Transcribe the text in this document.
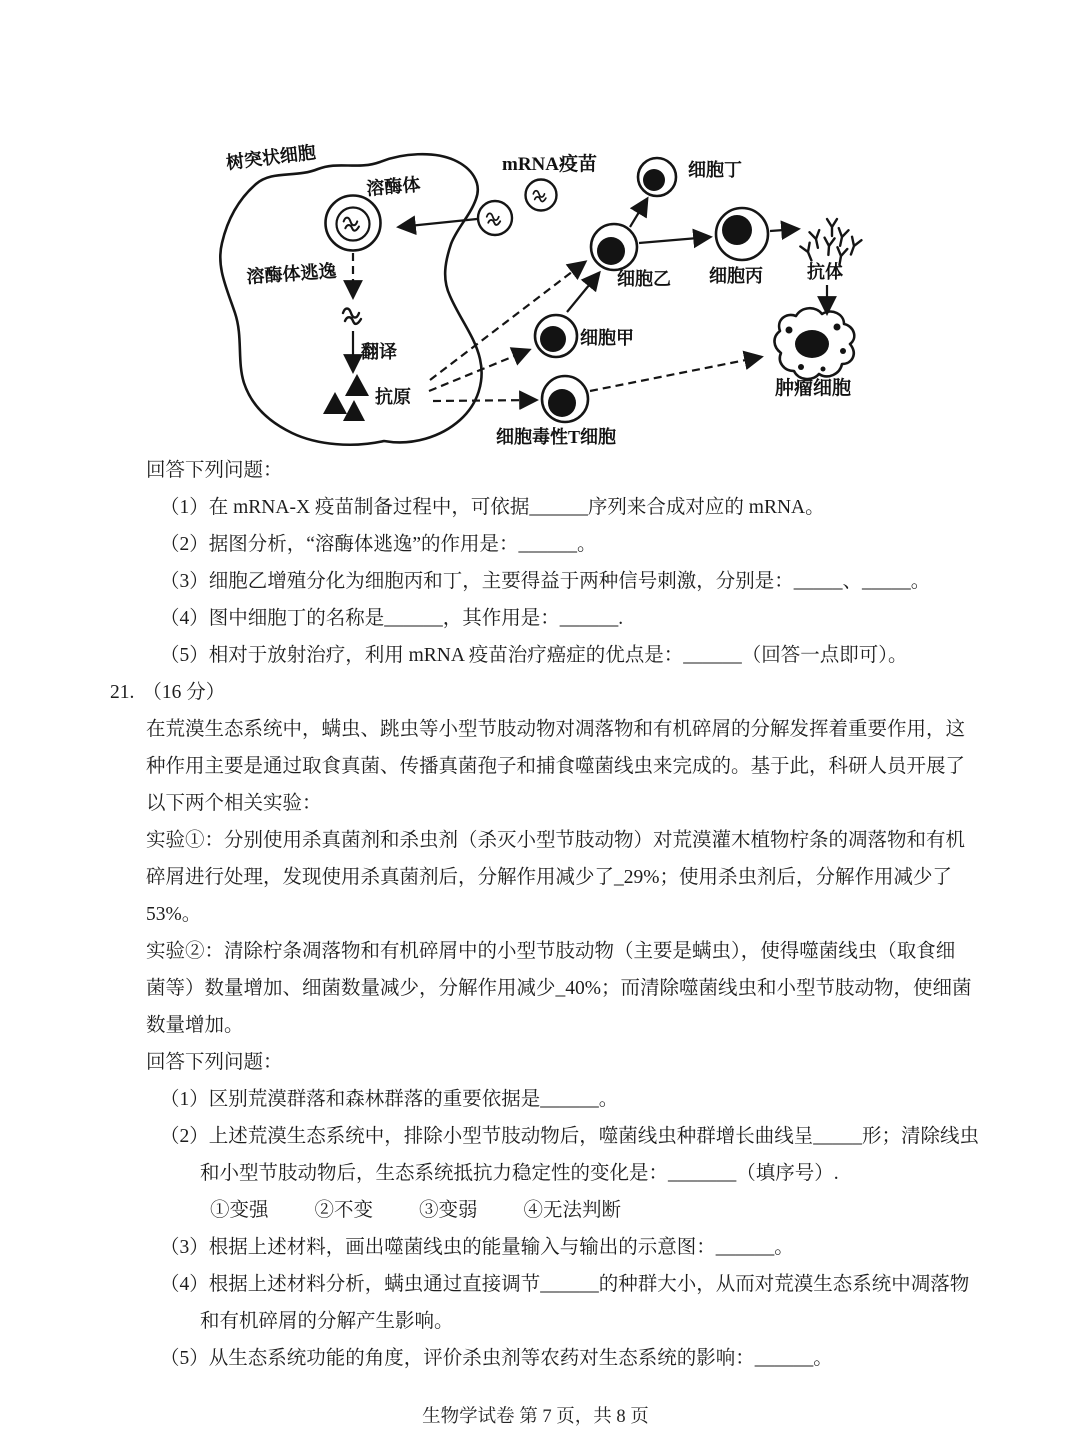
树突状细胞
溶酶体
mRNA疫苗
溶酶体逃逸
翻译
抗原
细胞甲
细胞乙
细胞丁
细胞丙 抗体
肿瘤细胞
细胞毒性T细胞
回答下列问题：
（1）在 mRNA-X 疫苗制备过程中，可依据______序列来合成对应的 mRNA。
（2）据图分析，“溶酶体逃逸”的作用是：______。
（3）细胞乙增殖分化为细胞丙和丁，主要得益于两种信号刺激，分别是：_____、_____。
（4）图中细胞丁的名称是______，其作用是：______.
（5）相对于放射治疗，利用 mRNA 疫苗治疗癌症的优点是：______（回答一点即可）。
21. （16 分）
在荒漠生态系统中，螨虫、跳虫等小型节肢动物对凋落物和有机碎屑的分解发挥着重要作用，这
种作用主要是通过取食真菌、传播真菌孢子和捕食噬菌线虫来完成的。基于此，科研人员开展了
以下两个相关实验：
实验①：分别使用杀真菌剂和杀虫剂（杀灭小型节肢动物）对荒漠灌木植物柠条的凋落物和有机
碎屑进行处理，发现使用杀真菌剂后，分解作用减少了_29%；使用杀虫剂后，分解作用减少了
53%。
实验②：清除柠条凋落物和有机碎屑中的小型节肢动物（主要是螨虫），使得噬菌线虫（取食细
菌等）数量增加、细菌数量减少，分解作用减少_40%；而清除噬菌线虫和小型节肢动物，使细菌
数量增加。
回答下列问题：
（1）区别荒漠群落和森林群落的重要依据是______。
（2）上述荒漠生态系统中，排除小型节肢动物后，噬菌线虫种群增长曲线呈_____形；清除线虫
和小型节肢动物后，生态系统抵抗力稳定性的变化是：_______（填序号）.
①变强 ②不变 ③变弱 ④无法判断
（3）根据上述材料，画出噬菌线虫的能量输入与输出的示意图：______。
（4）根据上述材料分析，螨虫通过直接调节______的种群大小，从而对荒漠生态系统中凋落物
和有机碎屑的分解产生影响。
（5）从生态系统功能的角度，评价杀虫剂等农药对生态系统的影响：______。
生物学试卷 第 7 页，共 8 页
